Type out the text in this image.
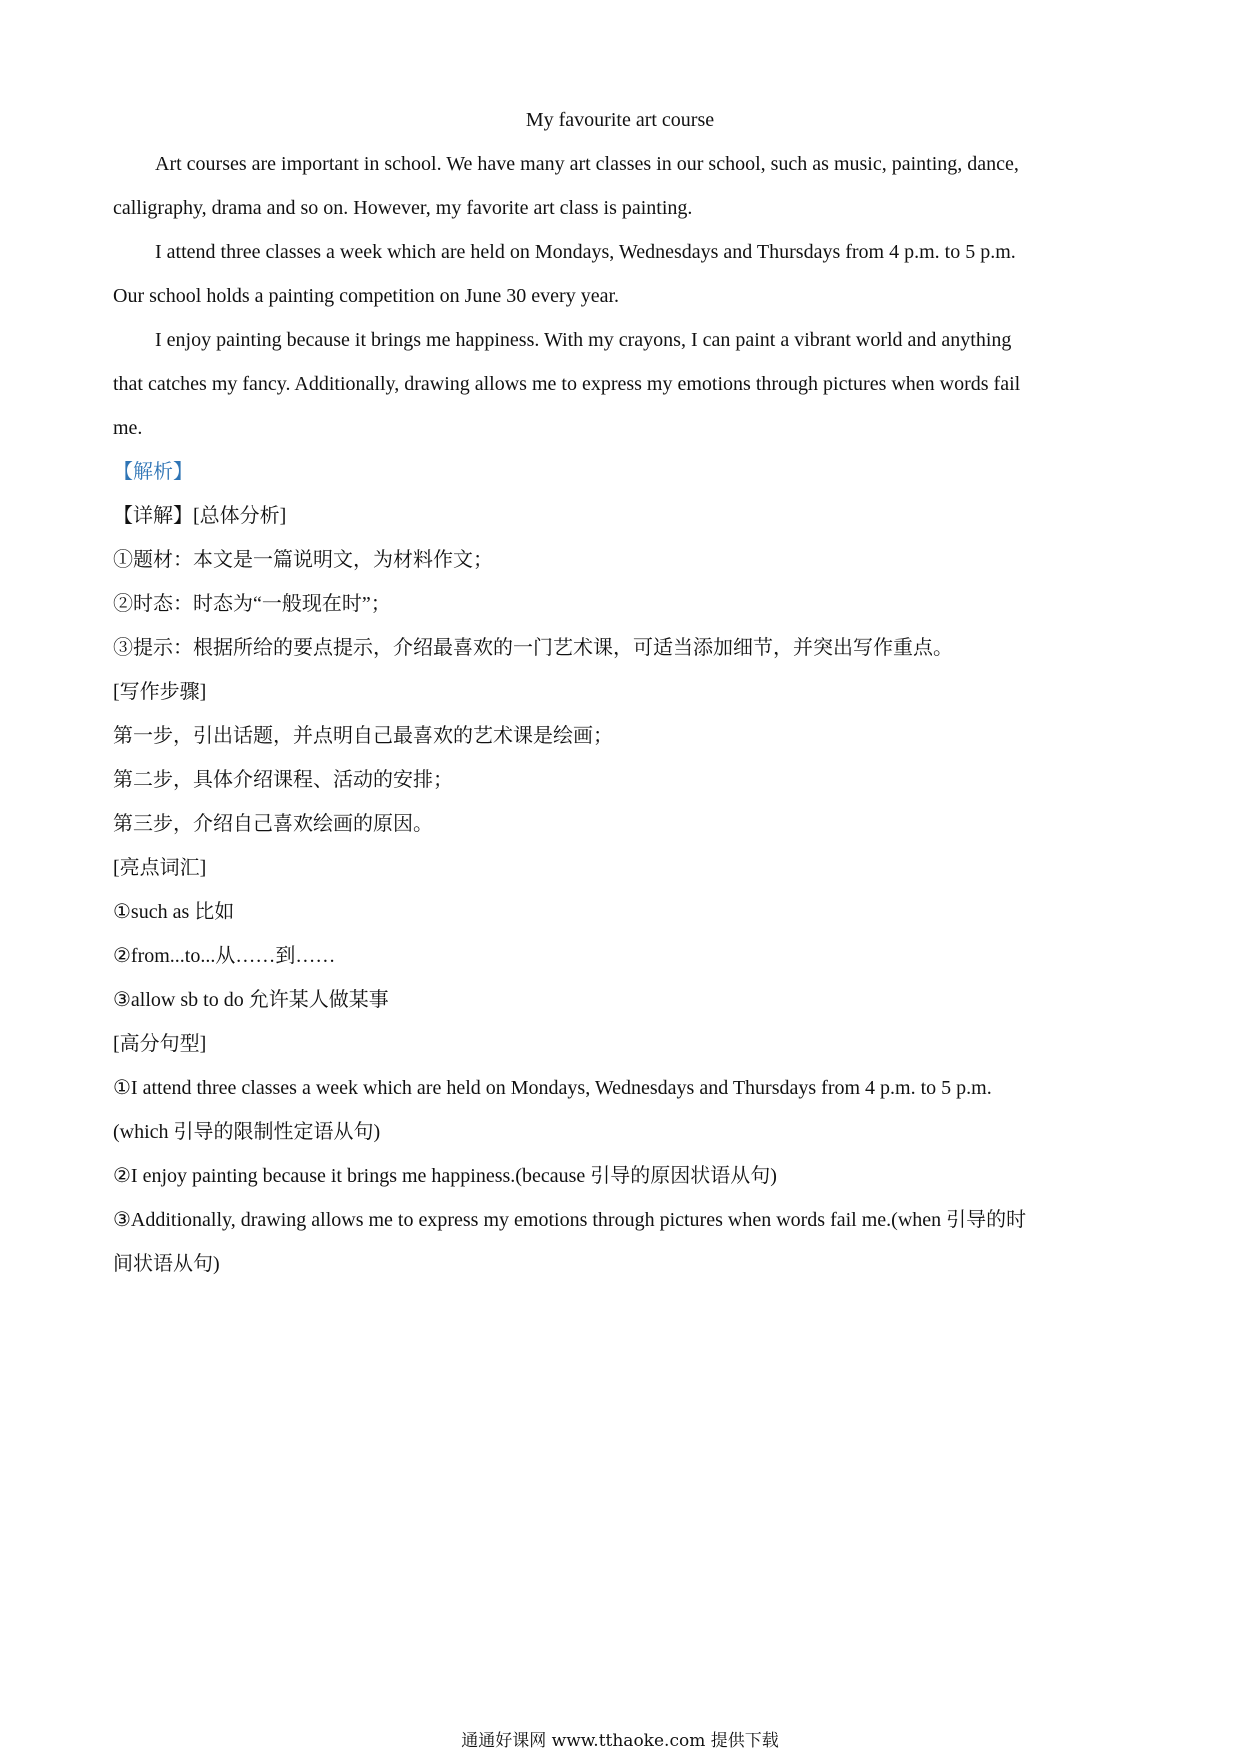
My favourite art course
Art courses are important in school. We have many art classes in our school, such as music, painting, dance,
calligraphy, drama and so on. However, my favorite art class is painting.
I attend three classes a week which are held on Mondays, Wednesdays and Thursdays from 4 p.m. to 5 p.m.
Our school holds a painting competition on June 30 every year.
I enjoy painting because it brings me happiness. With my crayons, I can paint a vibrant world and anything
that catches my fancy. Additionally, drawing allows me to express my emotions through pictures when words fail
me.
【解析】
【详解】[总体分析]
①题材：本文是一篇说明文，为材料作文；
②时态：时态为“一般现在时”；
③提示：根据所给的要点提示，介绍最喜欢的一门艺术课，可适当添加细节，并突出写作重点。
[写作步骤]
第一步，引出话题，并点明自己最喜欢的艺术课是绘画；
第二步，具体介绍课程、活动的安排；
第三步，介绍自己喜欢绘画的原因。
[亮点词汇]
①such as 比如
②from...to...从……到……
③allow sb to do 允许某人做某事
[高分句型]
①I attend three classes a week which are held on Mondays, Wednesdays and Thursdays from 4 p.m. to 5 p.m.
(which 引导的限制性定语从句)
②I enjoy painting because it brings me happiness.(because 引导的原因状语从句)
③Additionally, drawing allows me to express my emotions through pictures when words fail me.(when 引导的时
间状语从句)
通通好课网 www.tthaoke.com 提供下载
